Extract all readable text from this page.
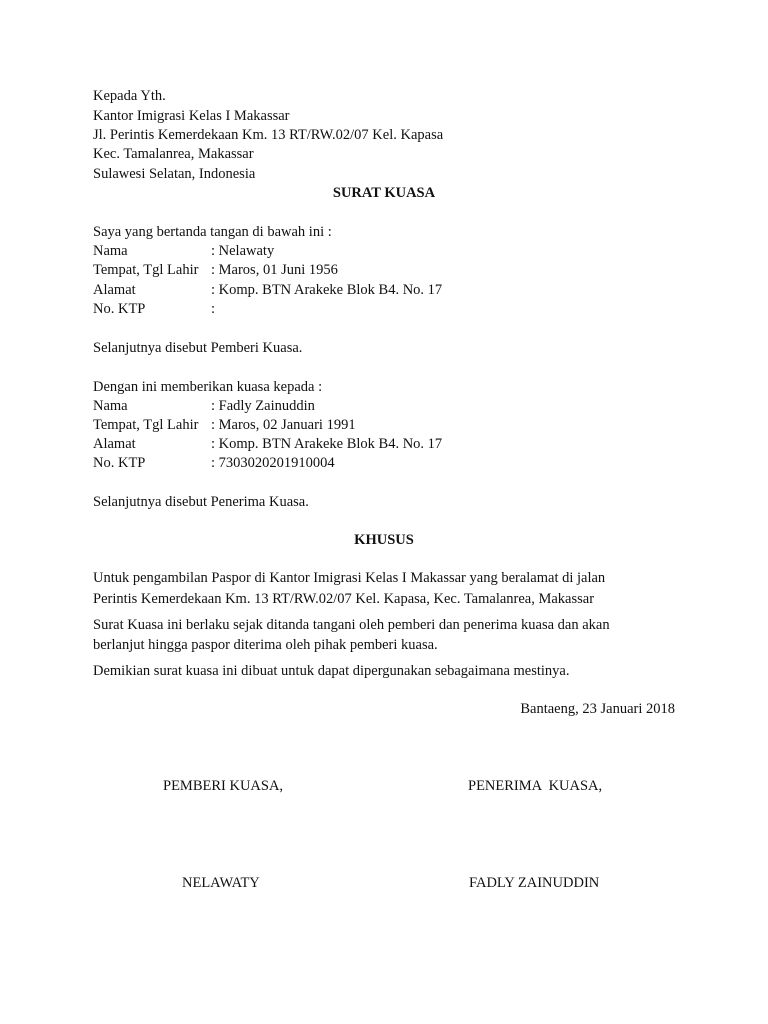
Kepada Yth.
Kantor Imigrasi Kelas I Makassar
Jl. Perintis Kemerdekaan Km. 13 RT/RW.02/07 Kel. Kapasa
Kec. Tamalanrea, Makassar
Sulawesi Selatan, Indonesia
SURAT KUASA
Saya yang bertanda tangan di bawah ini :
Nama	: Nelawaty
Tempat, Tgl Lahir : Maros, 01 Juni 1956
Alamat	: Komp. BTN Arakeke Blok B4. No. 17
No. KTP	:
Selanjutnya disebut Pemberi Kuasa.
Dengan ini memberikan kuasa kepada :
Nama	: Fadly Zainuddin
Tempat, Tgl Lahir : Maros, 02 Januari 1991
Alamat	: Komp. BTN Arakeke Blok B4. No. 17
No. KTP	: 7303020201910004
Selanjutnya disebut Penerima Kuasa.
KHUSUS
Untuk pengambilan Paspor di Kantor Imigrasi Kelas I Makassar yang beralamat di jalan
Perintis Kemerdekaan Km. 13 RT/RW.02/07 Kel. Kapasa, Kec. Tamalanrea, Makassar
Surat Kuasa ini berlaku sejak ditanda tangani oleh pemberi dan penerima kuasa dan akan
berlanjut hingga paspor diterima oleh pihak pemberi kuasa.
Demikian surat kuasa ini dibuat untuk dapat dipergunakan sebagaimana mestinya.
Bantaeng, 23 Januari 2018
PEMBERI KUASA,	PENERIMA  KUASA,
NELAWATY	FADLY ZAINUDDIN
